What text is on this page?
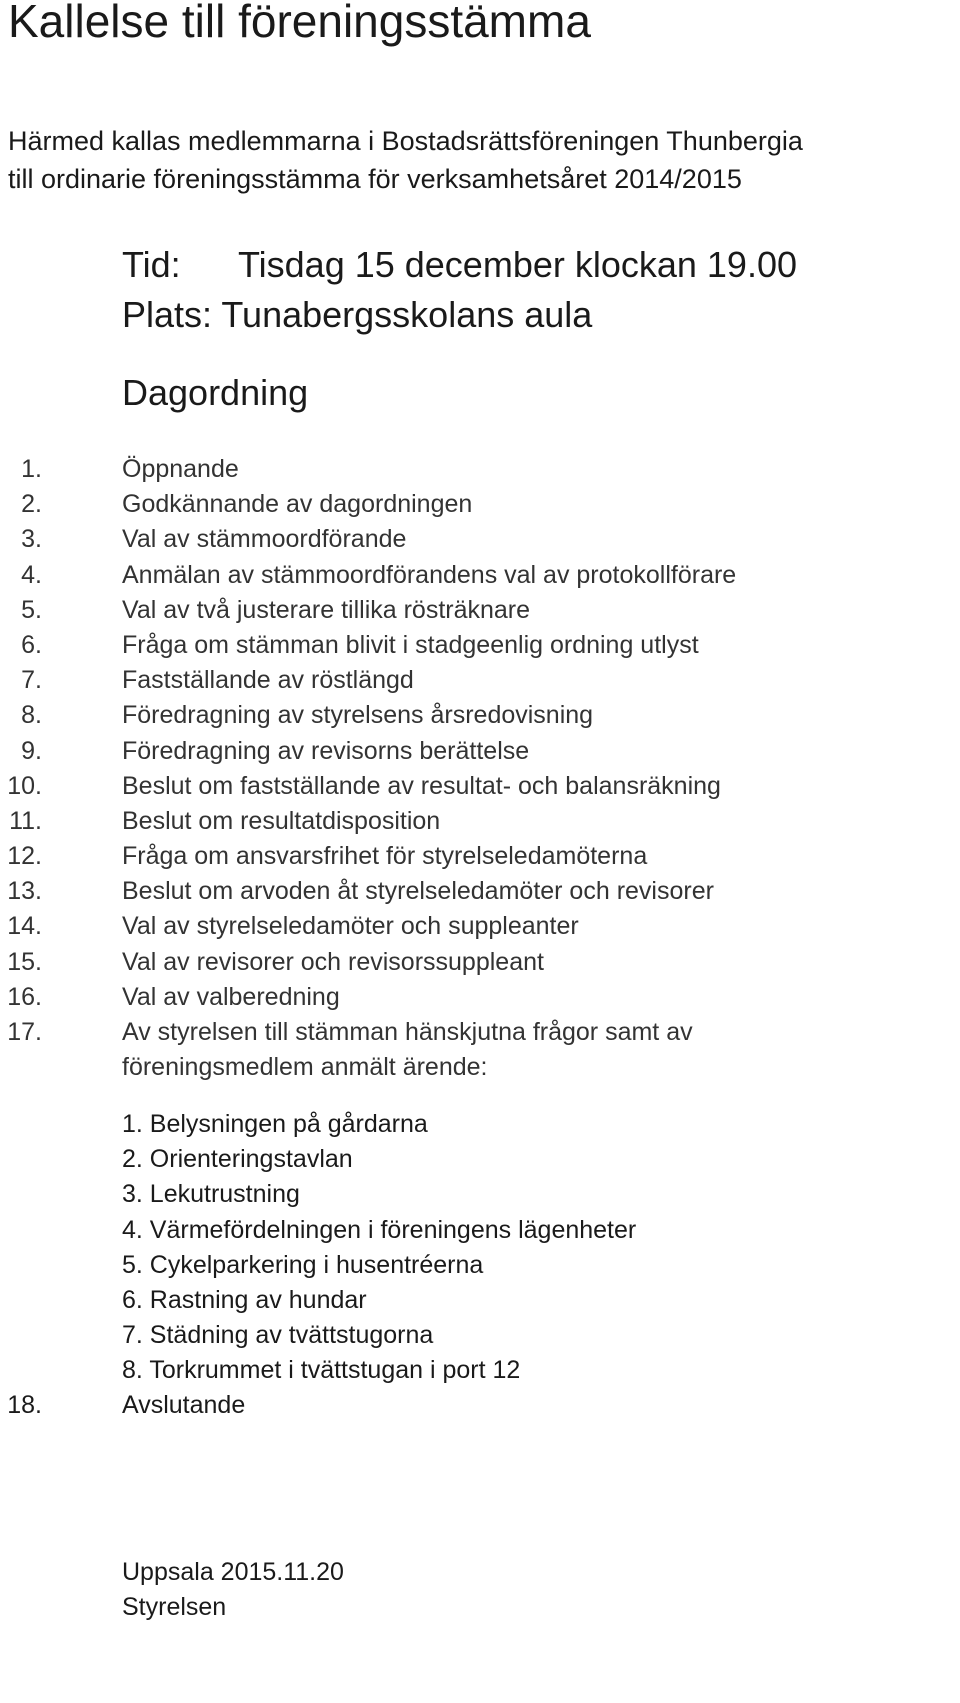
Kallelse till föreningsstämma
Härmed kallas medlemmarna i Bostadsrättsföreningen Thunbergia
till ordinarie föreningsstämma för verksamhetsåret 2014/2015
Tid: Tisdag 15 december klockan 19.00
Plats: Tunabergsskolans aula
Dagordning
1.	Öppnande
2.	Godkännande av dagordningen
3.	Val av stämmoordförande
4.	Anmälan av stämmoordförandens val av protokollförare
5.	Val av två justerare tillika rösträknare
6.	Fråga om stämman blivit i stadgeenlig ordning utlyst
7.	Fastställande av röstlängd
8.	Föredragning av styrelsens årsredovisning
9.	Föredragning av revisorns berättelse
10.	Beslut om fastställande av resultat- och balansräkning
11.	Beslut om resultatdisposition
12.	Fråga om ansvarsfrihet för styrelseledamöterna
13.	Beslut om arvoden åt styrelseledamöter och revisorer
14.	Val av styrelseledamöter och suppleanter
15.	Val av revisorer och revisorssuppleant
16.	Val av valberedning
17.	Av styrelsen till stämman hänskjutna frågor samt av föreningsmedlem anmält ärende:
1. Belysningen på gårdarna
2. Orienteringstavlan
3. Lekutrustning
4. Värmefördelningen i föreningens lägenheter
5. Cykelparkering i husentréerna
6. Rastning av hundar
7. Städning av tvättstugorna
8. Torkrummet i tvättstugan i port 12
18.	Avslutande
Uppsala 2015.11.20
Styrelsen
